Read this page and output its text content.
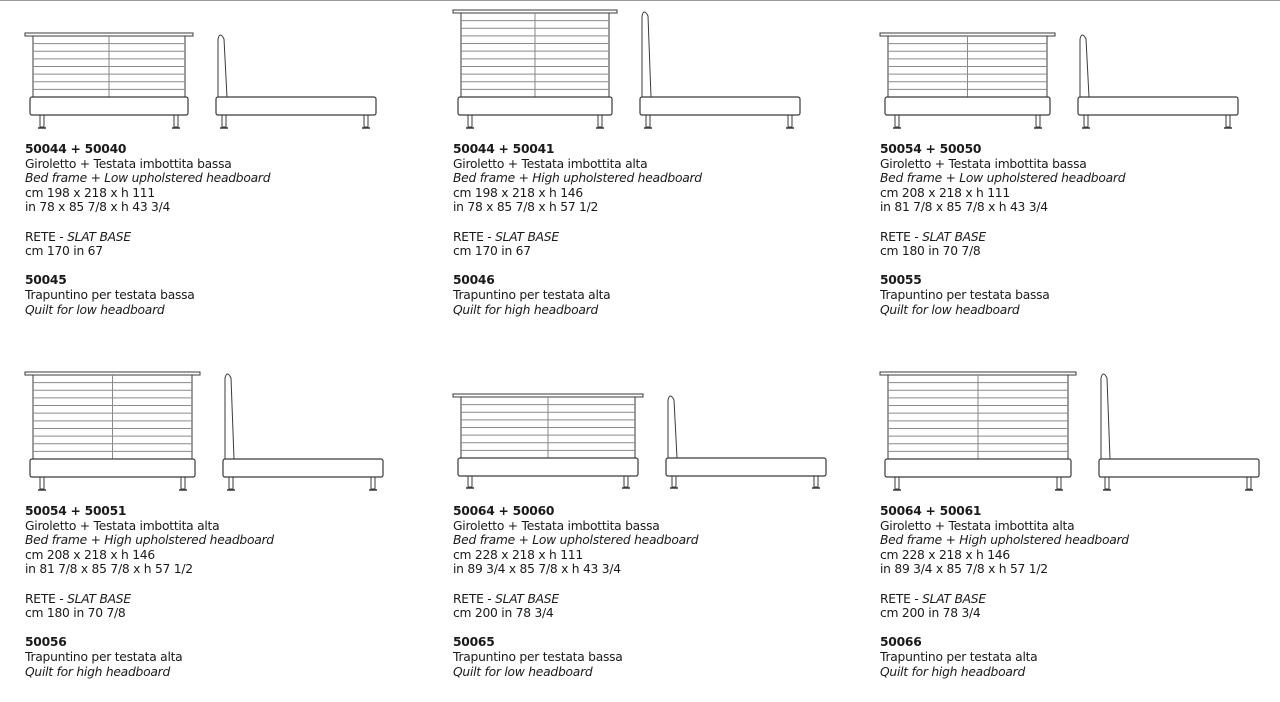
50044 + 50040
Giroletto + Testata imbottita bassa
Bed frame + Low upholstered headboard
cm 198 x 218 x h 111
in 78 x 85 7/8 x h 43 3/4
RETE - SLAT BASE
cm 170 in 67
50045
Trapuntino per testata bassa
Quilt for low headboard
50044 + 50041
Giroletto + Testata imbottita alta
Bed frame + High upholstered headboard
cm 198 x 218 x h 146
in 78 x 85 7/8 x h 57 1/2
RETE - SLAT BASE
cm 170 in 67
50046
Trapuntino per testata alta
Quilt for high headboard
50054 + 50050
Giroletto + Testata imbottita bassa
Bed frame + Low upholstered headboard
cm 208 x 218 x h 111
in 81 7/8 x 85 7/8 x h 43 3/4
RETE - SLAT BASE
cm 180 in 70 7/8
50055
Trapuntino per testata bassa
Quilt for low headboard
50054 + 50051
Giroletto + Testata imbottita alta
Bed frame + High upholstered headboard
cm 208 x 218 x h 146
in 81 7/8 x 85 7/8 x h 57 1/2
RETE - SLAT BASE
cm 180 in 70 7/8
50056
Trapuntino per testata alta
Quilt for high headboard
50064 + 50060
Giroletto + Testata imbottita bassa
Bed frame + Low upholstered headboard
cm 228 x 218 x h 111
in 89 3/4 x 85 7/8 x h 43 3/4
RETE - SLAT BASE
cm 200 in 78 3/4
50065
Trapuntino per testata bassa
Quilt for low headboard
50064 + 50061
Giroletto + Testata imbottita alta
Bed frame + High upholstered headboard
cm 228 x 218 x h 146
in 89 3/4 x 85 7/8 x h 57 1/2
RETE - SLAT BASE
cm 200 in 78 3/4
50066
Trapuntino per testata alta
Quilt for high headboard
